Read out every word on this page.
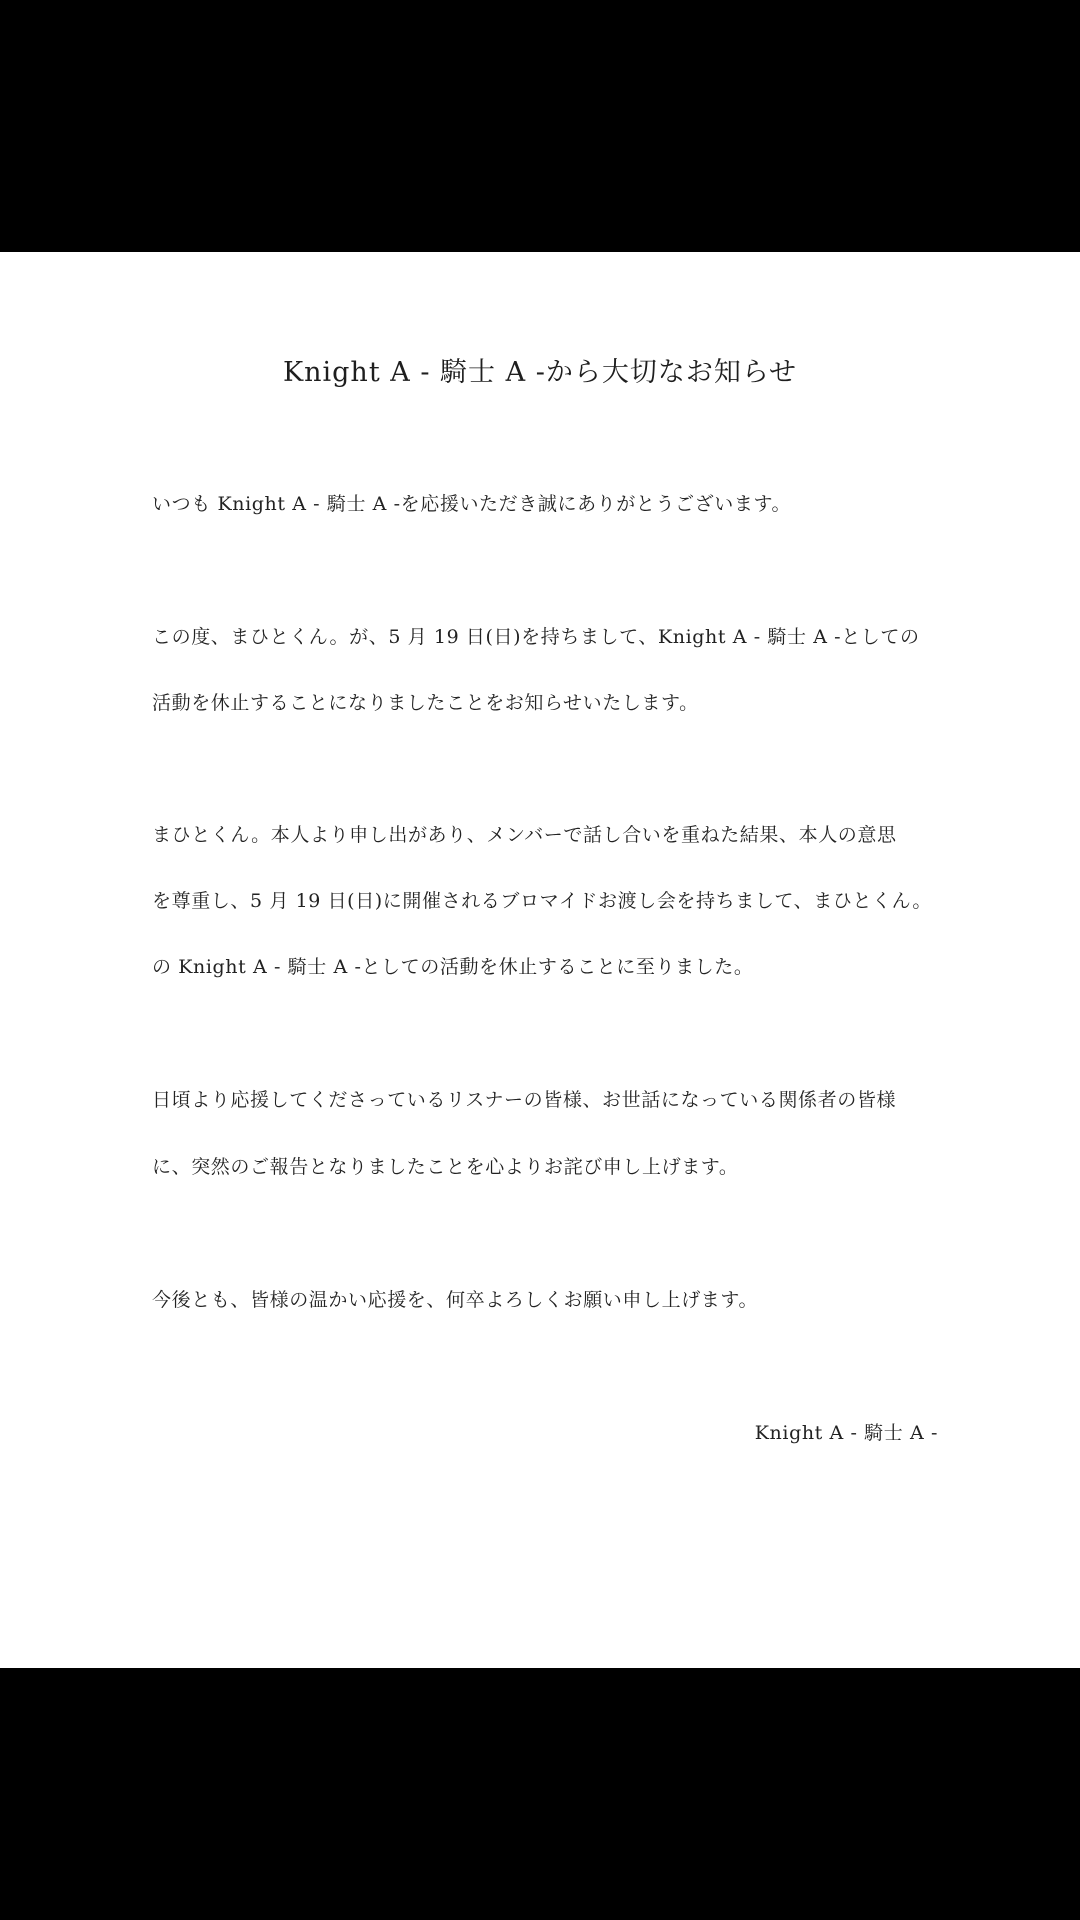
Knight A - 騎士 A -から大切なお知らせ
いつも Knight A - 騎士 A -を応援いただき誠にありがとうございます。
この度、まひとくん。が、5 月 19 日(日)を持ちまして、Knight A - 騎士 A -としての
活動を休止することになりましたことをお知らせいたします。
まひとくん。本人より申し出があり、メンバーで話し合いを重ねた結果、本人の意思
を尊重し、5 月 19 日(日)に開催されるブロマイドお渡し会を持ちまして、まひとくん。
の Knight A - 騎士 A -としての活動を休止することに至りました。
日頃より応援してくださっているリスナーの皆様、お世話になっている関係者の皆様
に、突然のご報告となりましたことを心よりお詫び申し上げます。
今後とも、皆様の温かい応援を、何卒よろしくお願い申し上げます。
Knight A - 騎士 A -
